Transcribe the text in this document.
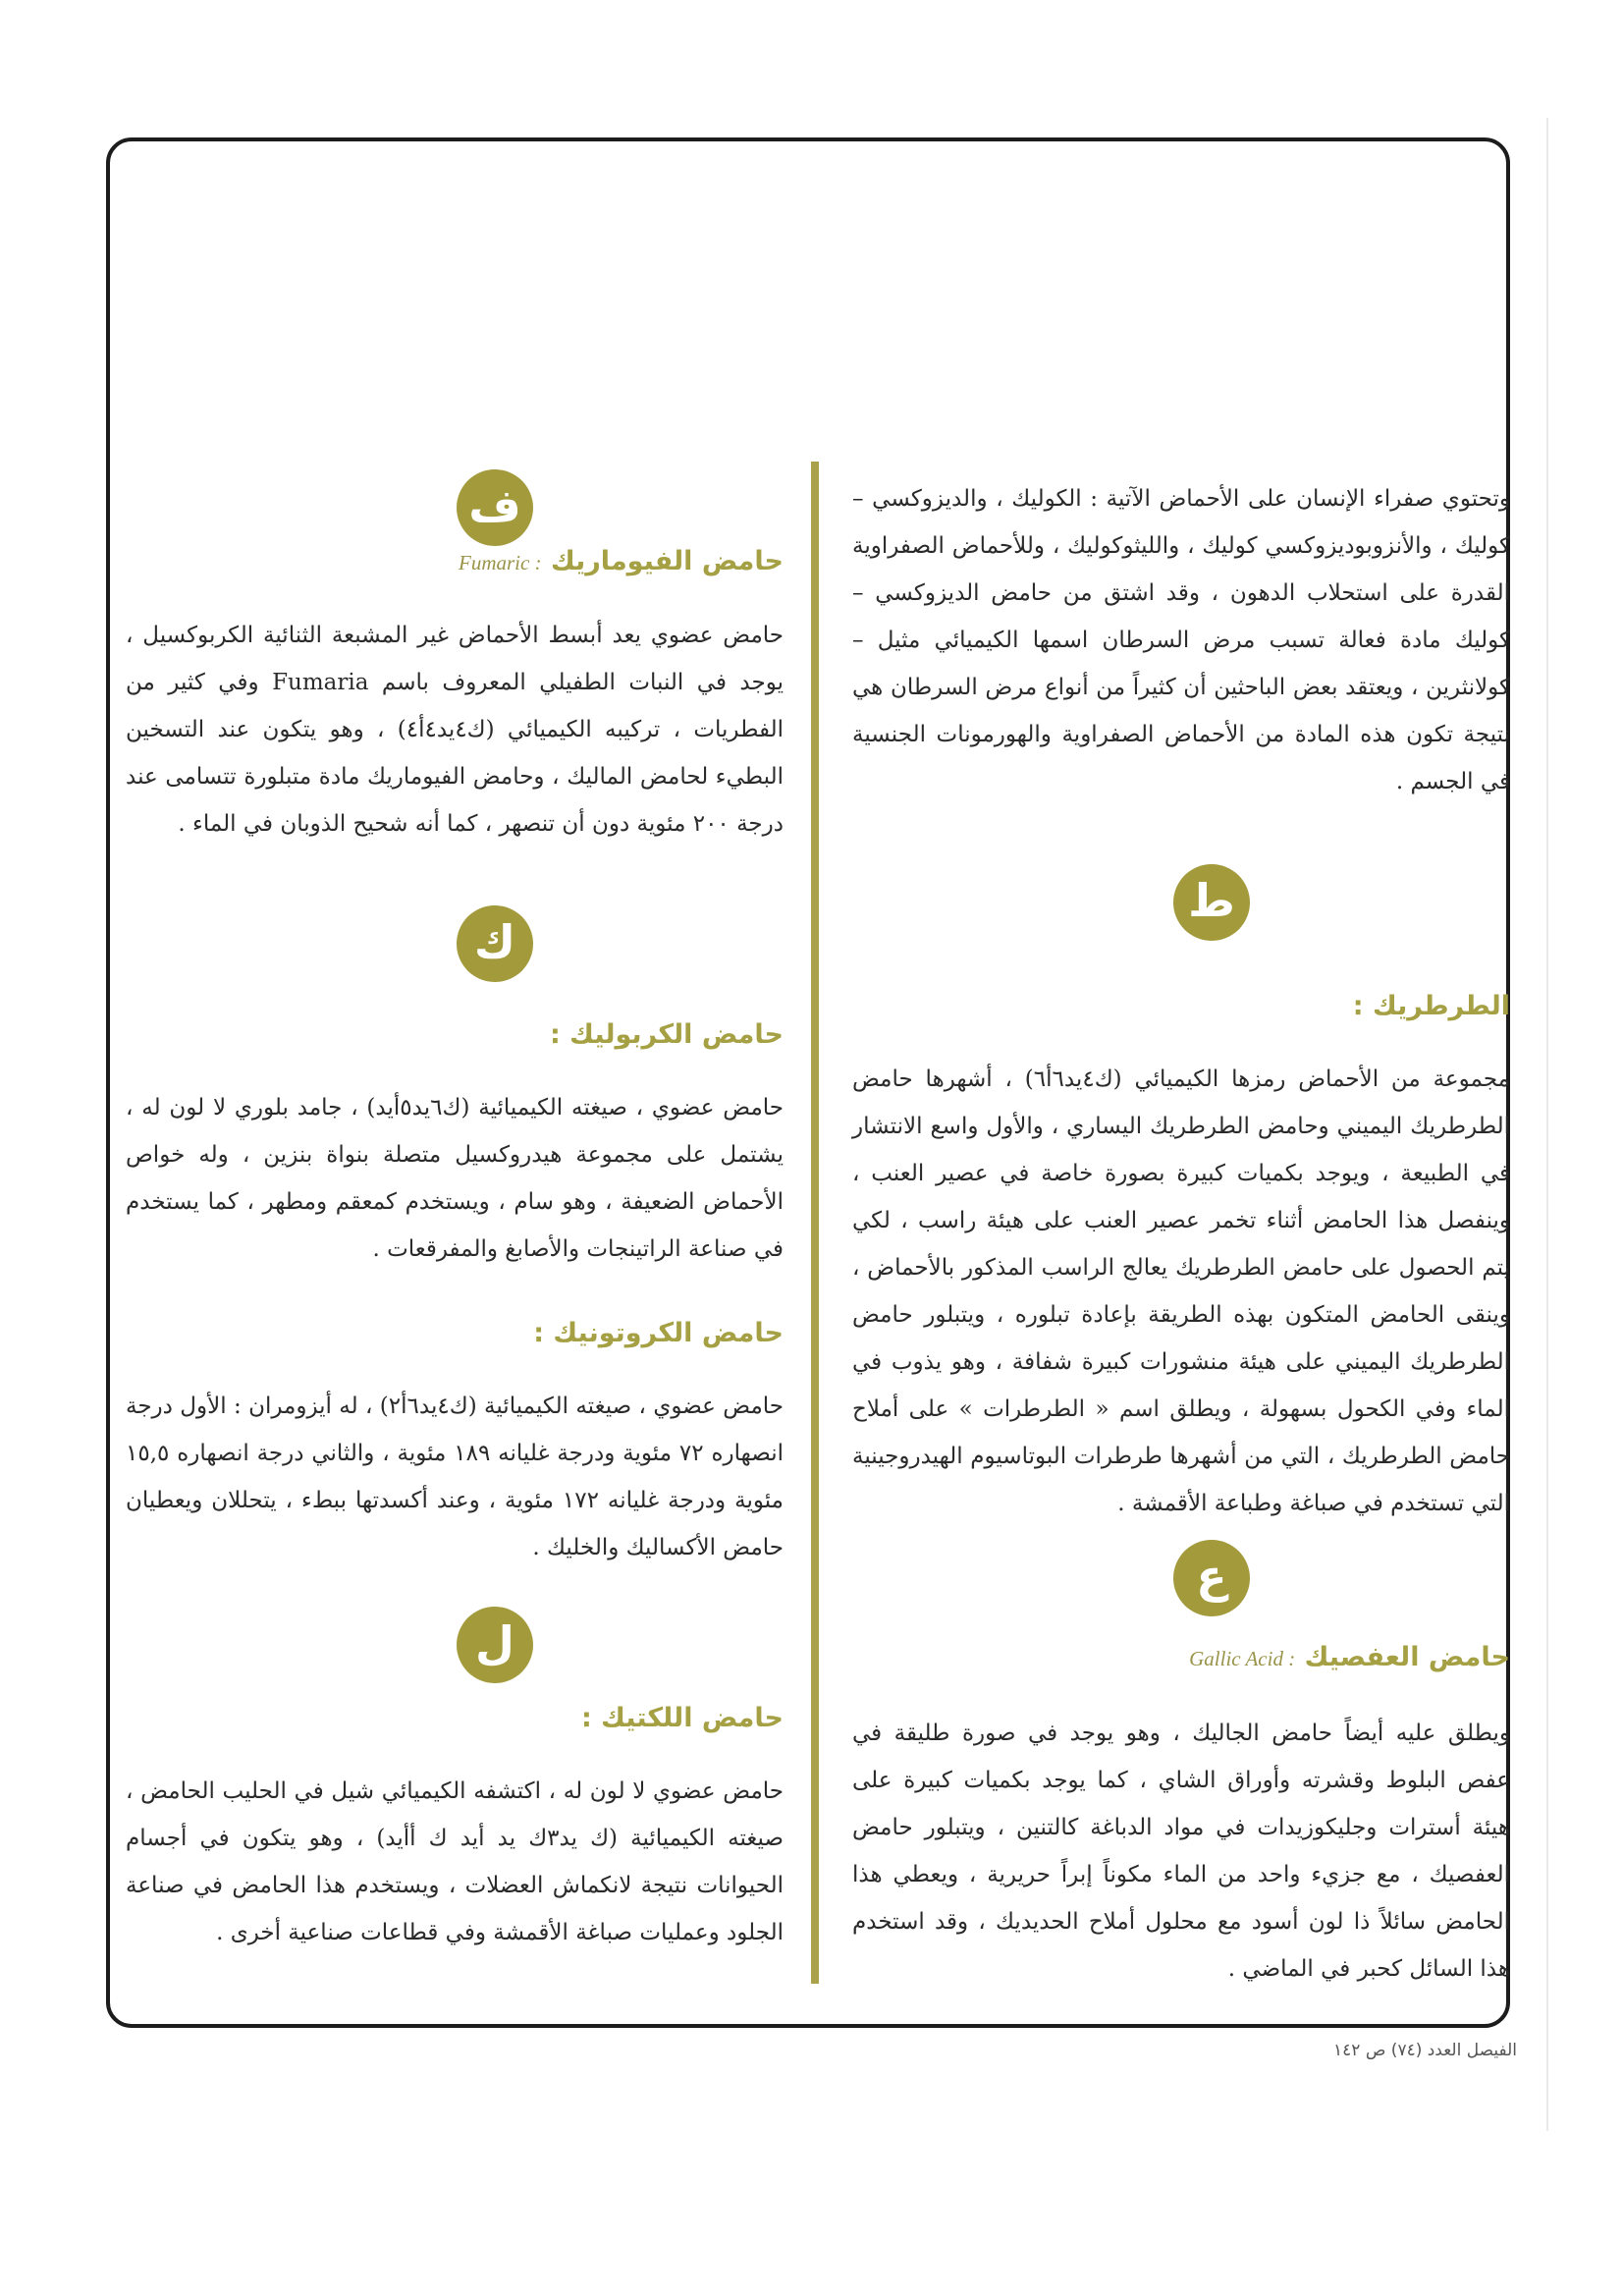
وتحتوي صفراء الإنسان على الأحماض الآتية : الكوليك ، والديزوكسي – كوليك ، والأنزوبوديزوكسي كوليك ، والليثوكوليك ، وللأحماض الصفراوية القدرة على استحلاب الدهون ، وقد اشتق من حامض الديزوكسي – كوليك مادة فعالة تسبب مرض السرطان اسمها الكيميائي مثيل – كولانثرين ، ويعتقد بعض الباحثين أن كثيراً من أنواع مرض السرطان هي نتيجة تكون هذه المادة من الأحماض الصفراوية والهورمونات الجنسية في الجسم .

ط
الطرطريك :

مجموعة من الأحماض رمزها الكيميائي (ك٤يد٦أ٦) ، أشهرها حامض الطرطريك اليميني وحامض الطرطريك اليساري ، والأول واسع الانتشار في الطبيعة ، ويوجد بكميات كبيرة بصورة خاصة في عصير العنب ، وينفصل هذا الحامض أثناء تخمر عصير العنب على هيئة راسب ، لكي يتم الحصول على حامض الطرطريك يعالج الراسب المذكور بالأحماض ، وينقى الحامض المتكون بهذه الطريقة بإعادة تبلوره ، ويتبلور حامض الطرطريك اليميني على هيئة منشورات كبيرة شفافة ، وهو يذوب في الماء وفي الكحول بسهولة ، ويطلق اسم « الطرطرات » على أملاح حامض الطرطريك ، التي من أشهرها طرطرات البوتاسيوم الهيدروجينية التي تستخدم في صباغة وطباعة الأقمشة .

ع
حامض العفصيك : Gallic Acid

ويطلق عليه أيضاً حامض الجاليك ، وهو يوجد في صورة طليقة في عفص البلوط وقشرته وأوراق الشاي ، كما يوجد بكميات كبيرة على هيئة أسترات وجليكوزيدات في مواد الدباغة كالتنين ، ويتبلور حامض العفصيك ، مع جزيء واحد من الماء مكوناً إبراً حريرية ، ويعطي هذا الحامض سائلاً ذا لون أسود مع محلول أملاح الحديديك ، وقد استخدم هذا السائل كحبر في الماضي .

ف
حامض الفيوماريك : Fumaric

حامض عضوي يعد أبسط الأحماض غير المشبعة الثنائية الكربوكسيل ، يوجد في النبات الطفيلي المعروف باسم Fumaria وفي كثير من الفطريات ، تركيبه الكيميائي (ك٤يد٤أ٤) ، وهو يتكون عند التسخين البطيء لحامض الماليك ، وحامض الفيوماريك مادة متبلورة تتسامى عند درجة ٢٠٠ مئوية دون أن تنصهر ، كما أنه شحيح الذوبان في الماء .

ك
حامض الكربوليك :

حامض عضوي ، صيغته الكيميائية (ك٦يد٥أيد) ، جامد بلوري لا لون له ، يشتمل على مجموعة هيدروكسيل متصلة بنواة بنزين ، وله خواص الأحماض الضعيفة ، وهو سام ، ويستخدم كمعقم ومطهر ، كما يستخدم في صناعة الراتينجات والأصابغ والمفرقعات .

حامض الكروتونيك :

حامض عضوي ، صيغته الكيميائية (ك٤يد٦أ٢) ، له أيزومران : الأول درجة انصهاره ٧٢ مئوية ودرجة غليانه ١٨٩ مئوية ، والثاني درجة انصهاره ١٥,٥ مئوية ودرجة غليانه ١٧٢ مئوية ، وعند أكسدتها ببطء ، يتحللان ويعطيان حامض الأكساليك والخليك .

ل
حامض اللكتيك :

حامض عضوي لا لون له ، اكتشفه الكيميائي شيل في الحليب الحامض ، صيغته الكيميائية (ك يد٣ك يد أيد ك أأيد) ، وهو يتكون في أجسام الحيوانات نتيجة لانكماش العضلات ، ويستخدم هذا الحامض في صناعة الجلود وعمليات صباغة الأقمشة وفي قطاعات صناعية أخرى .

الفيصل العدد (٧٤) ص ١٤٢
